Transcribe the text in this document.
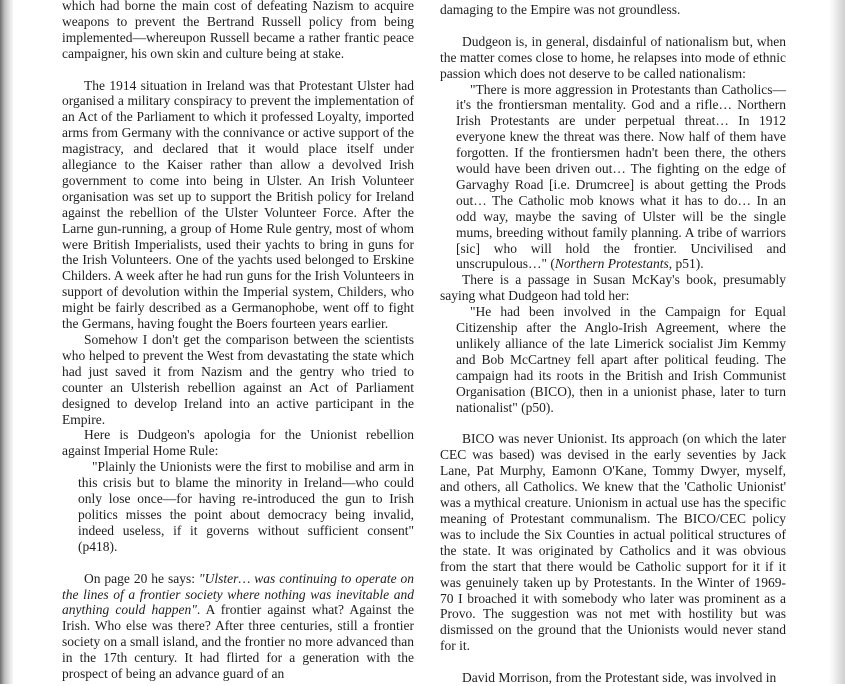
which had borne the main cost of defeating Nazism to acquire weapons to prevent the Bertrand Russell policy from being implemented—whereupon Russell became a rather frantic peace campaigner, his own skin and culture being at stake.

The 1914 situation in Ireland was that Protestant Ulster had organised a military conspiracy to prevent the implementation of an Act of the Parliament to which it professed Loyalty, imported arms from Germany with the connivance or active support of the magistracy, and declared that it would place itself under allegiance to the Kaiser rather than allow a devolved Irish government to come into being in Ulster. An Irish Volunteer organisation was set up to support the British policy for Ireland against the rebellion of the Ulster Volunteer Force. After the Larne gun-running, a group of Home Rule gentry, most of whom were British Imperialists, used their yachts to bring in guns for the Irish Volunteers. One of the yachts used belonged to Erskine Childers. A week after he had run guns for the Irish Volunteers in support of devolution within the Imperial system, Childers, who might be fairly described as a Germanophobe, went off to fight the Germans, having fought the Boers fourteen years earlier.

Somehow I don't get the comparison between the scientists who helped to prevent the West from devastating the state which had just saved it from Nazism and the gentry who tried to counter an Ulsterish rebellion against an Act of Parliament designed to develop Ireland into an active participant in the Empire.

Here is Dudgeon's apologia for the Unionist rebellion against Imperial Home Rule:

"Plainly the Unionists were the first to mobilise and arm in this crisis but to blame the minority in Ireland—who could only lose once—for having re-introduced the gun to Irish politics misses the point about democracy being invalid, indeed useless, if it governs without sufficient consent" (p418).

On page 20 he says: "Ulster… was continuing to operate on the lines of a frontier society where nothing was inevitable and anything could happen". A frontier against what? Against the Irish. Who else was there? After three centuries, still a frontier society on a small island, and the frontier no more advanced than in the 17th century. It had flirted for a generation with the prospect of being an advance guard of an

damaging to the Empire was not groundless.

Dudgeon is, in general, disdainful of nationalism but, when the matter comes close to home, he relapses into mode of ethnic passion which does not deserve to be called nationalism:

"There is more aggression in Protestants than Catholics—it's the frontiersman mentality. God and a rifle… Northern Irish Protestants are under perpetual threat… In 1912 everyone knew the threat was there. Now half of them have forgotten. If the frontiersmen hadn't been there, the others would have been driven out… The fighting on the edge of Garvaghy Road [i.e. Drumcree] is about getting the Prods out… The Catholic mob knows what it has to do… In an odd way, maybe the saving of Ulster will be the single mums, breeding without family planning. A tribe of warriors [sic] who will hold the frontier. Uncivilised and unscrupulous…" (Northern Protestants, p51).

There is a passage in Susan McKay's book, presumably saying what Dudgeon had told her:

"He had been involved in the Campaign for Equal Citizenship after the Anglo-Irish Agreement, where the unlikely alliance of the late Limerick socialist Jim Kemmy and Bob McCartney fell apart after political feuding. The campaign had its roots in the British and Irish Communist Organisation (BICO), then in a unionist phase, later to turn nationalist" (p50).

BICO was never Unionist. Its approach (on which the later CEC was based) was devised in the early seventies by Jack Lane, Pat Murphy, Eamonn O'Kane, Tommy Dwyer, myself, and others, all Catholics. We knew that the 'Catholic Unionist' was a mythical creature. Unionism in actual use has the specific meaning of Protestant communalism. The BICO/CEC policy was to include the Six Counties in actual political structures of the state. It was originated by Catholics and it was obvious from the start that there would be Catholic support for it if it was genuinely taken up by Protestants. In the Winter of 1969-70 I broached it with somebody who later was prominent as a Provo. The suggestion was not met with hostility but was dismissed on the ground that the Unionists would never stand for it.

David Morrison, from the Protestant side, was involved in
